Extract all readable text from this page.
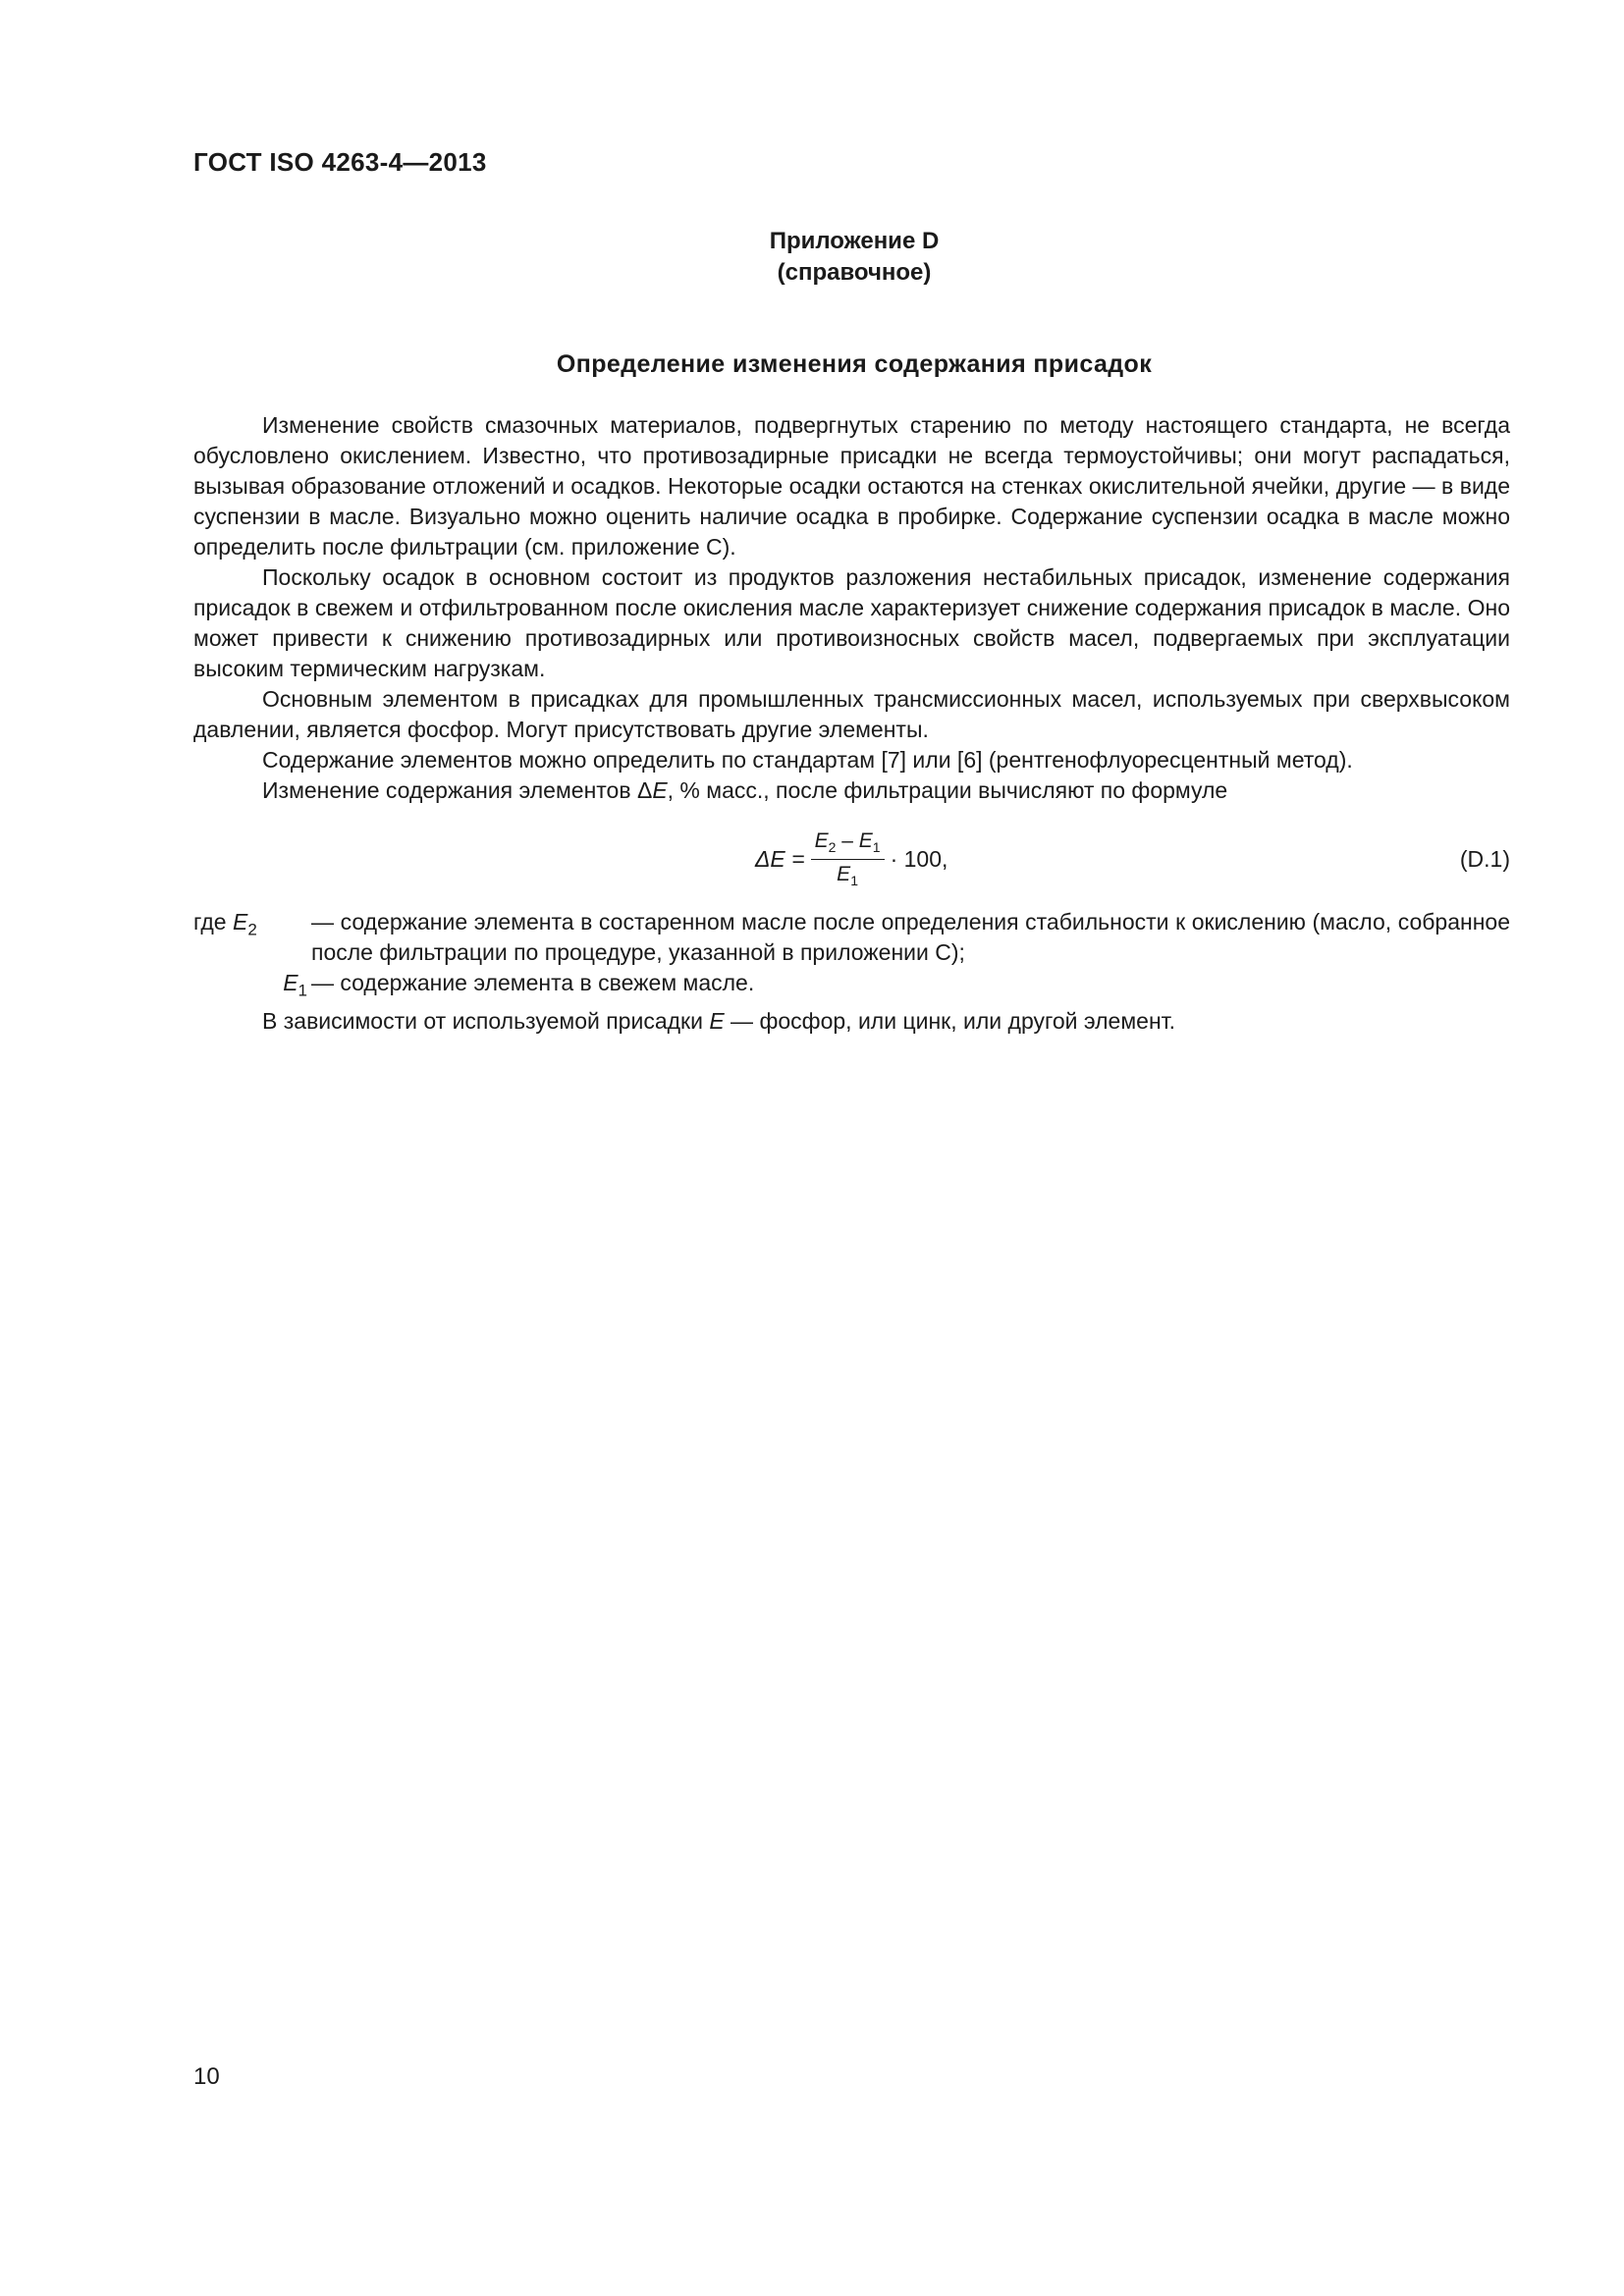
ГОСТ ISO 4263-4—2013
Приложение D
(справочное)
Определение изменения содержания присадок

Изменение свойств смазочных материалов, подвергнутых старению по методу настоящего стандарта, не всегда обусловлено окислением. Известно, что противозадирные присадки не всегда термоустойчивы; они могут распадаться, вызывая образование отложений и осадков. Некоторые осадки остаются на стенках окислительной ячейки, другие — в виде суспензии в масле. Визуально можно оценить наличие осадка в пробирке. Содержание суспензии осадка в масле можно определить после фильтрации (см. приложение C).

Поскольку осадок в основном состоит из продуктов разложения нестабильных присадок, изменение содержания присадок в свежем и отфильтрованном после окисления масле характеризует снижение содержания присадок в масле. Оно может привести к снижению противозадирных или противоизносных свойств масел, подвергаемых при эксплуатации высоким термическим нагрузкам.

Основным элементом в присадках для промышленных трансмиссионных масел, используемых при сверхвысоком давлении, является фосфор. Могут присутствовать другие элементы.

Содержание элементов можно определить по стандартам [7] или [6] (рентгенофлуоресцентный метод).

Изменение содержания элементов ΔE, % масс., после фильтрации вычисляют по формуле

$\Delta E = \frac{E_2 - E_1}{E_1} \cdot 100$,	(D.1)
где $E_2$	— содержание элемента в состаренном масле после определения стабильности к окислению (масло, собранное после фильтрации по процедуре, указанной в приложении C);
$E_1$ — содержание элемента в свежем масле.

В зависимости от используемой присадки E — фосфор, или цинк, или другой элемент.

10
